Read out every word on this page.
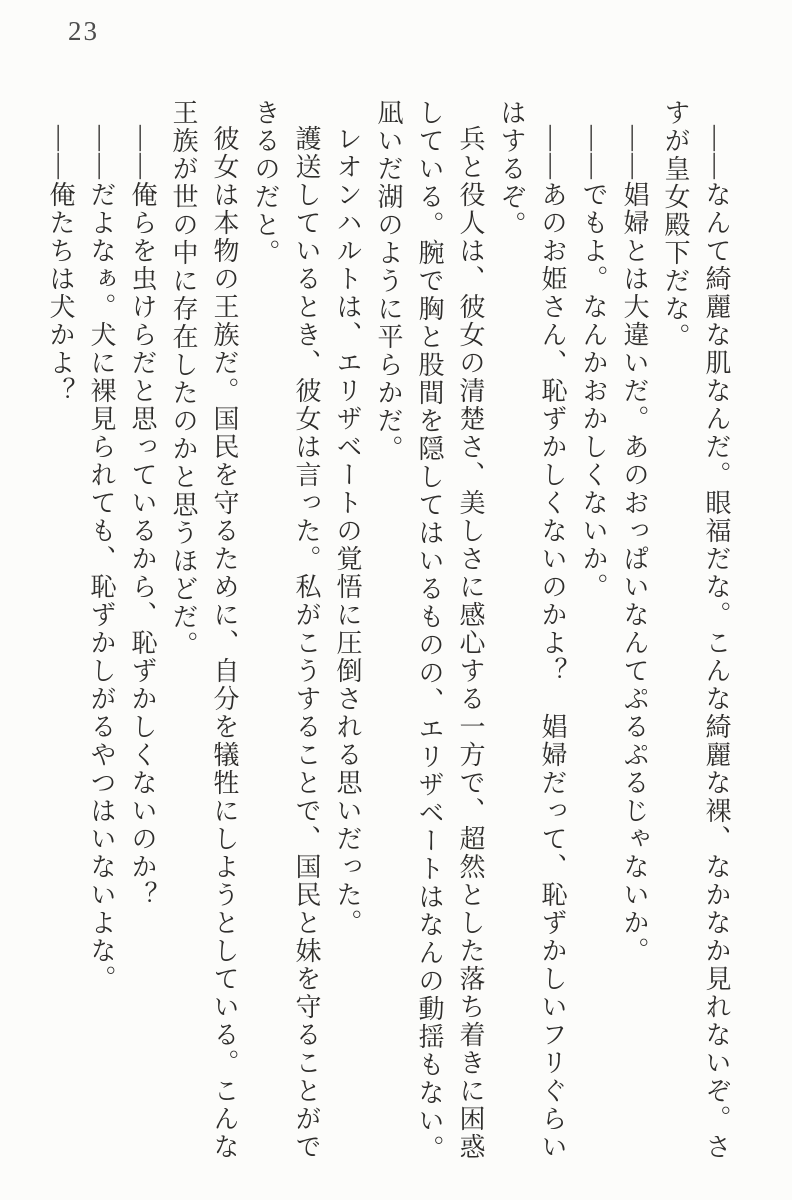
23

——なんて綺麗な肌なんだ。眼福だな。こんな綺麗な裸、なかなか見れないぞ。さすが皇女殿下だな。

——娼婦とは大違いだ。あのおっぱいなんてぷるぷるじゃないか。

——でもよ。なんかおかしくないか。

——あのお姫さん、恥ずかしくないのかよ？　娼婦だって、恥ずかしいフリぐらいはするぞ。

兵と役人は、彼女の清楚さ、美しさに感心する一方で、超然とした落ち着きに困惑している。腕で胸と股間を隠してはいるものの、エリザベートはなんの動揺もない。凪いだ湖のように平らかだ。

レオンハルトは、エリザベートの覚悟に圧倒される思いだった。

護送しているとき、彼女は言った。私がこうすることで、国民と妹を守ることができるのだと。

彼女は本物の王族だ。国民を守るために、自分を犠牲にしようとしている。こんな王族が世の中に存在したのかと思うほどだ。

——俺らを虫けらだと思っているから、恥ずかしくないのか？

——だよなぁ。犬に裸見られても、恥ずかしがるやつはいないよな。

——俺たちは犬かよ？
